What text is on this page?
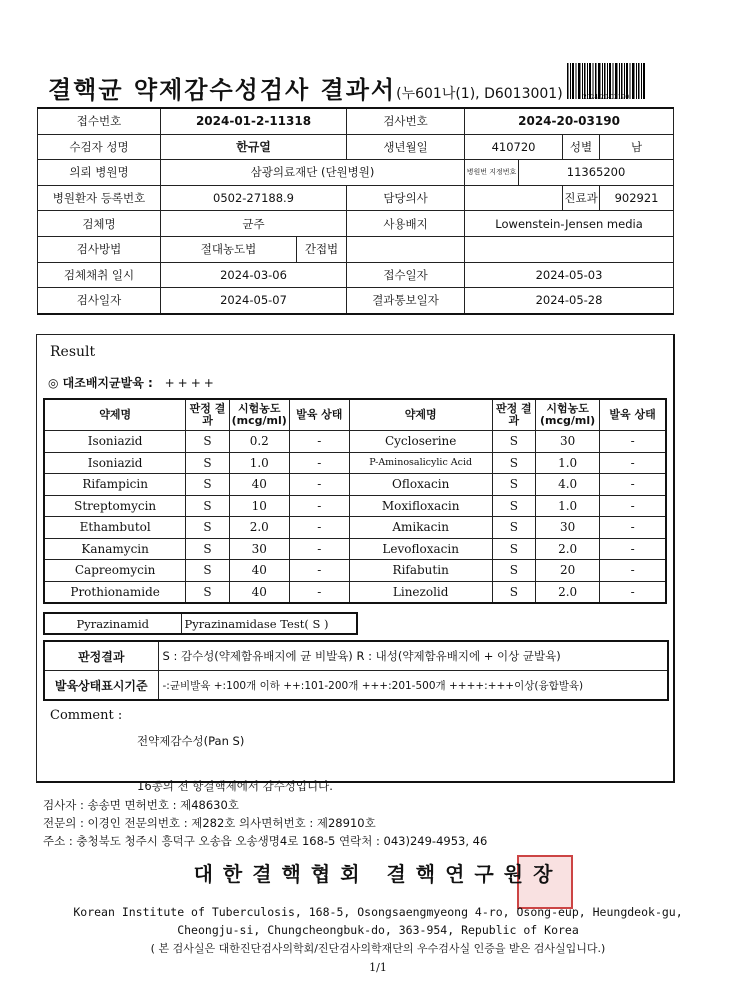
결핵균 약제감수성검사 결과서(누601나(1), D6013001)	2024-20-03190
접수번호	2024-01-2-11318		검사번호	2024-20-03190			
수검자 성명	한규열		생년월일	410720		성별	남
의뢰 병원명	삼광의료재단 (단원병원)			병원번 지정번호	11365200		
병원환자 등록번호	0502-27188.9		담당의사			진료과	902921
검체명	균주		사용배지	Lowenstein-Jensen media			
검사방법	절대농도법	간접법					
검체채취 일시	2024-03-06		접수일자	2024-05-03			
검사일자	2024-05-07		결과통보일자	2024-05-28			
Result
◎ 대조배지균발육 : ++++
약제명	판정 결과	시험농도 (mcg/ml)	발육 상태	약제명	판정 결과	시험농도 (mcg/ml)	발육 상태
Isoniazid	S	0.2	-	Cycloserine	S	30	-
Isoniazid	S	1.0	-	P-Aminosalicylic Acid	S	1.0	-
Rifampicin	S	40	-	Ofloxacin	S	4.0	-
Streptomycin	S	10	-	Moxifloxacin	S	1.0	-
Ethambutol	S	2.0	-	Amikacin	S	30	-
Kanamycin	S	30	-	Levofloxacin	S	2.0	-
Capreomycin	S	40	-	Rifabutin	S	20	-
Prothionamide	S	40	-	Linezolid	S	2.0	-
Pyrazinamid	Pyrazinamidase Test( S )
판정결과	S : 감수성(약제함유배지에 균 비발육) R : 내성(약제함유배지에 + 이상 균발육)
발육상태표시기준	-:균비발육 +:100개 이하 ++:101-200개 +++:201-500개 ++++:+++이상(융합발육)
Comment :

전약제감수성(Pan S)

16종의 전 항결핵제에서 감수성입니다.

검사자 : 송송면 면허번호 : 제48630호
전문의 : 이경인 전문의번호 : 제282호 의사면허번호 : 제28910호
주소 : 충청북도 청주시 흥덕구 오송읍 오송생명4로 168-5 연락처 : 043)249-4953, 46
대한결핵협회 결핵연구원장
Korean Institute of Tuberculosis, 168-5, Osongsaengmyeong 4-ro, Osong-eup, Heungdeok-gu,
Cheongju-si, Chungcheongbuk-do, 363-954, Republic of Korea
( 본 검사실은 대한진단검사의학회/진단검사의학재단의 우수검사실 인증을 받은 검사실입니다.)
1/1
